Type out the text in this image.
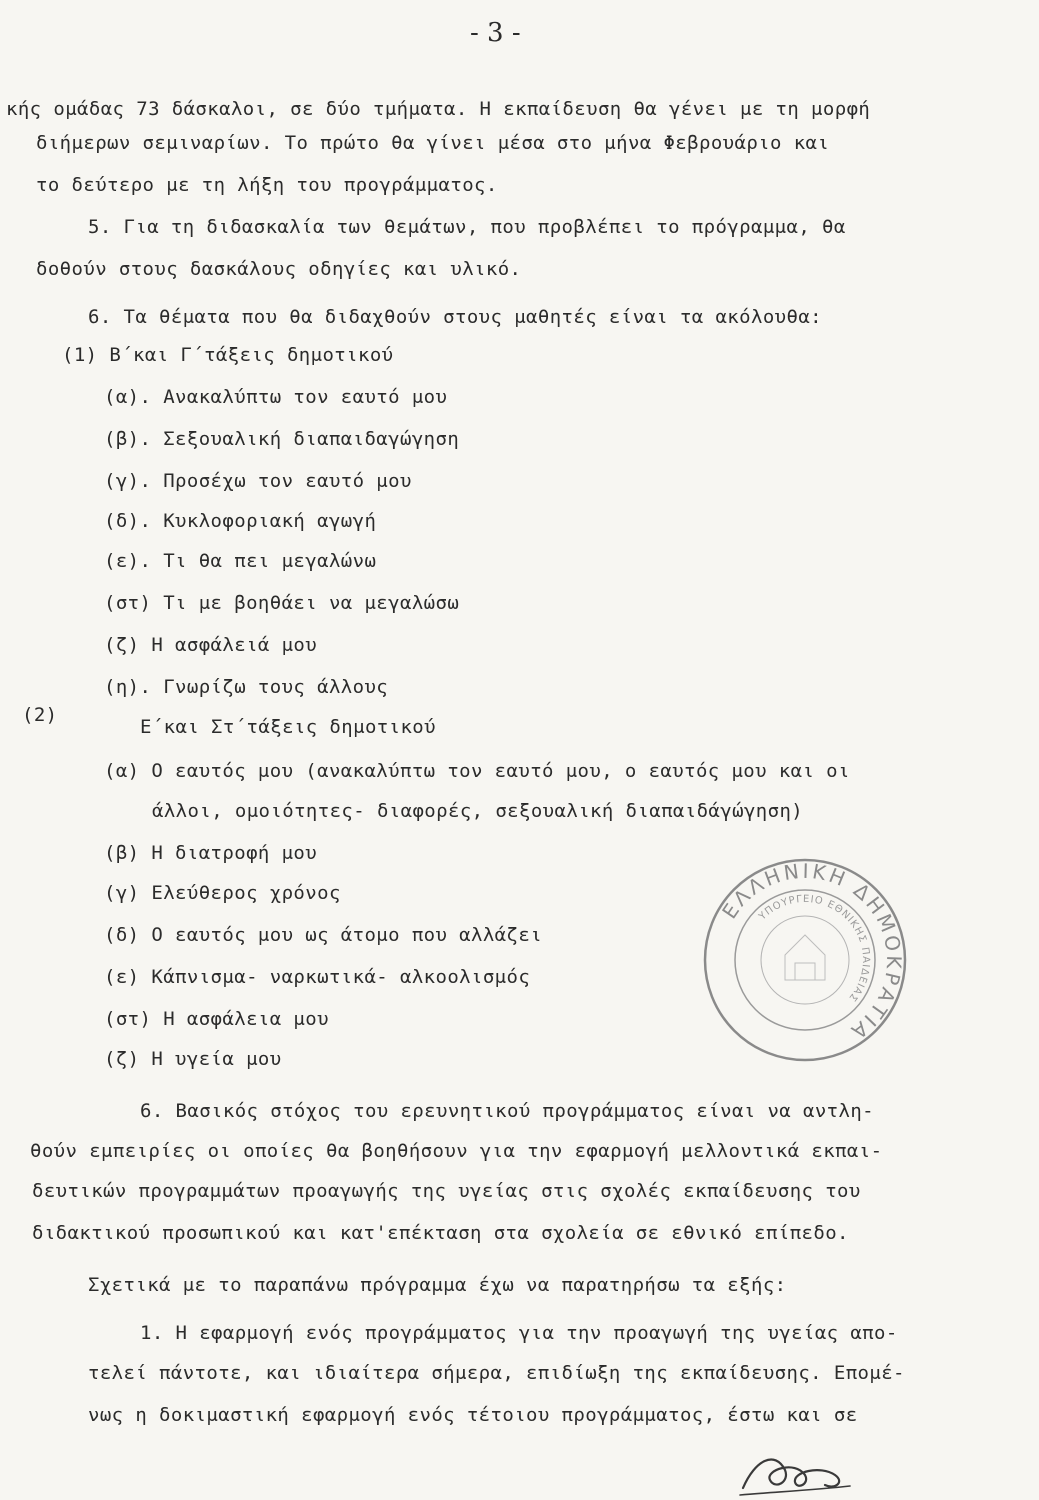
- 3 -
κής ομάδας 73 δάσκαλοι, σε δύο τμήματα. Η εκπαίδευση θα γένει με τη μορφή
διήμερων σεμιναρίων. Το πρώτο θα γίνει μέσα στο μήνα Φεβρουάριο και
το δεύτερο με τη λήξη του προγράμματος.
5. Για τη διδασκαλία των θεμάτων, που προβλέπει το πρόγραμμα, θα
δοθούν στους δασκάλους οδηγίες και υλικό.
6. Τα θέματα που θα διδαχθούν στους μαθητές είναι τα ακόλουθα:
(1) Β΄και Γ΄τάξεις δημοτικού
(α). Ανακαλύπτω τον εαυτό μου
(β). Σεξουαλική διαπαιδαγώγηση
(γ). Προσέχω τον εαυτό μου
(δ). Κυκλοφοριακή αγωγή
(ε). Τι θα πει μεγαλώνω
(στ) Τι με βοηθάει να μεγαλώσω
(ζ) Η ασφάλειά μου
(η). Γνωρίζω τους άλλους
(2)
Ε΄και Στ΄τάξεις δημοτικού
(α) Ο εαυτός μου (ανακαλύπτω τον εαυτό μου, ο εαυτός μου και οι
άλλοι, ομοιότητες- διαφορές, σεξουαλική διαπαιδάγώγηση)
(β) Η διατροφή μου
(γ) Ελεύθερος χρόνος
(δ) Ο εαυτός μου ως άτομο που αλλάζει
(ε) Κάπνισμα- ναρκωτικά- αλκοολισμός
(στ) Η ασφάλεια μου
(ζ) Η υγεία μου
6. Βασικός στόχος του ερευνητικού προγράμματος είναι να αντλη-
θούν εμπειρίες οι οποίες θα βοηθήσουν για την εφαρμογή μελλοντικά εκπαι-
δευτικών προγραμμάτων προαγωγής της υγείας στις σχολές εκπαίδευσης του
διδακτικού προσωπικού και κατ'επέκταση στα σχολεία σε εθνικό επίπεδο.
Σχετικά με το παραπάνω πρόγραμμα έχω να παρατηρήσω τα εξής:
1. Η εφαρμογή ενός προγράμματος για την προαγωγή της υγείας απο-
τελεί πάντοτε, και ιδιαίτερα σήμερα, επιδίωξη της εκπαίδευσης. Επομέ-
νως η δοκιμαστική εφαρμογή ενός τέτοιου προγράμματος, έστω και σε
ΕΛΛΗΝΙΚΗ ΔΗΜΟΚΡΑΤΙΑ
ΥΠΟΥΡΓΕΙΟ ΕΘΝΙΚΗΣ ΠΑΙΔΕΙΑΣ
